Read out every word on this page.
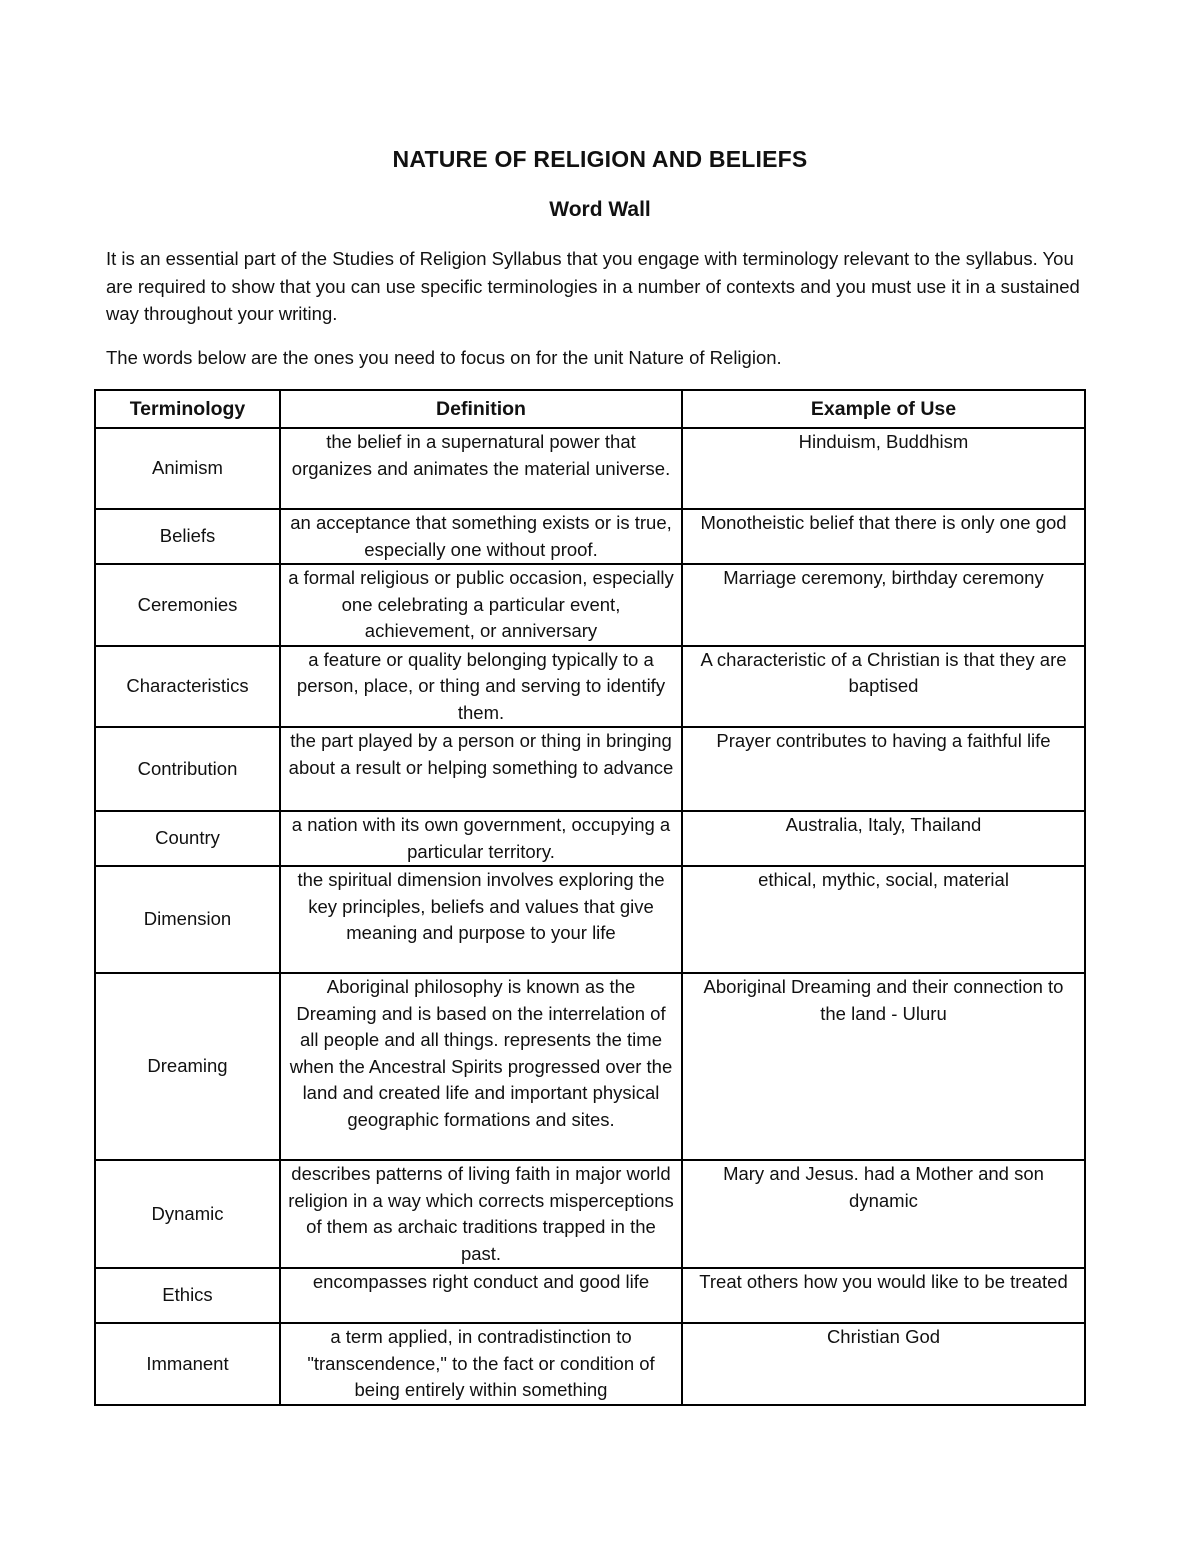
NATURE OF RELIGION AND BELIEFS
Word Wall

It is an essential part of the Studies of Religion Syllabus that you engage with terminology relevant to the syllabus. You are required to show that you can use specific terminologies in a number of contexts and you must use it in a sustained way throughout your writing.

The words below are the ones you need to focus on for the unit Nature of Religion.

Terminology	Definition	Example of Use
Animism	the belief in a supernatural power that organizes and animates the material universe.	Hinduism, Buddhism
Beliefs	an acceptance that something exists or is true, especially one without proof.	Monotheistic belief that there is only one god
Ceremonies	a formal religious or public occasion, especially one celebrating a particular event, achievement, or anniversary	Marriage ceremony, birthday ceremony
Characteristics	a feature or quality belonging typically to a person, place, or thing and serving to identify them.	A characteristic of a Christian is that they are baptised
Contribution	the part played by a person or thing in bringing about a result or helping something to advance	Prayer contributes to having a faithful life
Country	a nation with its own government, occupying a particular territory.	Australia, Italy, Thailand
Dimension	the spiritual dimension involves exploring the key principles, beliefs and values that give meaning and purpose to your life	ethical, mythic, social, material
Dreaming	Aboriginal philosophy is known as the Dreaming and is based on the interrelation of all people and all things. represents the time when the Ancestral Spirits progressed over the land and created life and important physical geographic formations and sites.	Aboriginal Dreaming and their connection to the land - Uluru
Dynamic	describes patterns of living faith in major world religion in a way which corrects misperceptions of them as archaic traditions trapped in the past.	Mary and Jesus. had a Mother and son dynamic
Ethics	encompasses right conduct and good life	Treat others how you would like to be treated
Immanent	a term applied, in contradistinction to "transcendence," to the fact or condition of being entirely within something	Christian God
